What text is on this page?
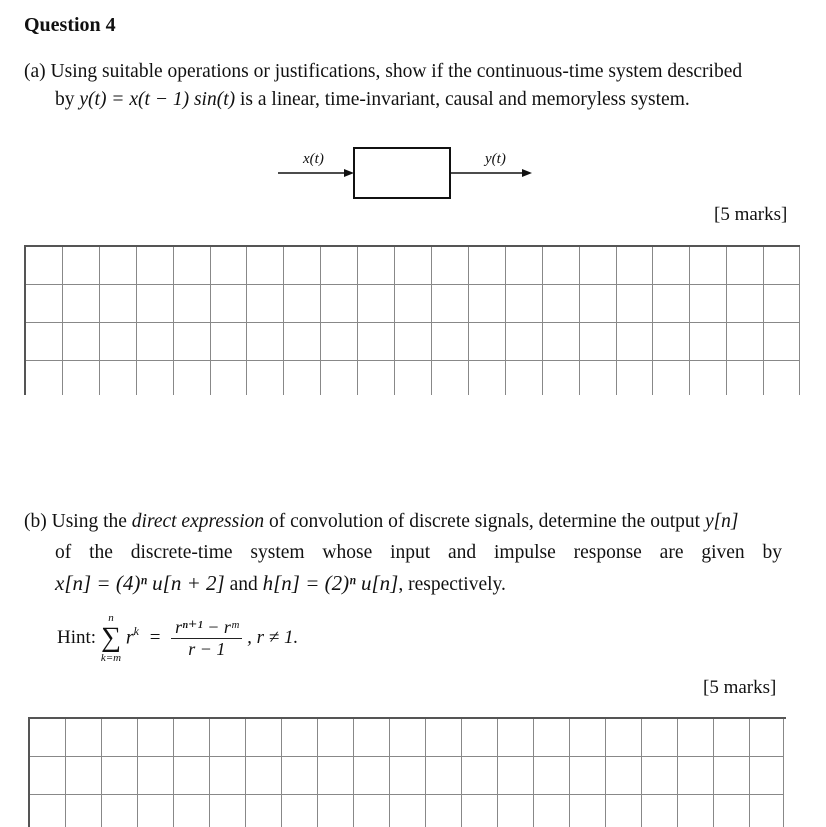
Question 4
(a) Using suitable operations or justifications, show if the continuous-time system described
by y(t) = x(t − 1) sin(t) is a linear, time-invariant, causal and memoryless system.
x(t)	y(t)
[5 marks]
(b) Using the direct expression of convolution of discrete signals, determine the output y[n]
of the discrete-time system whose input and impulse response are given by
x[n] = (4)ⁿ u[n + 2] and h[n] = (2)ⁿ u[n], respectively.
Hint:
n
∑
k=m
$r^k = \frac{\text{rⁿ⁺¹ − rᵐ}}{r - 1}$ , r ≠ 1.
[5 marks]
